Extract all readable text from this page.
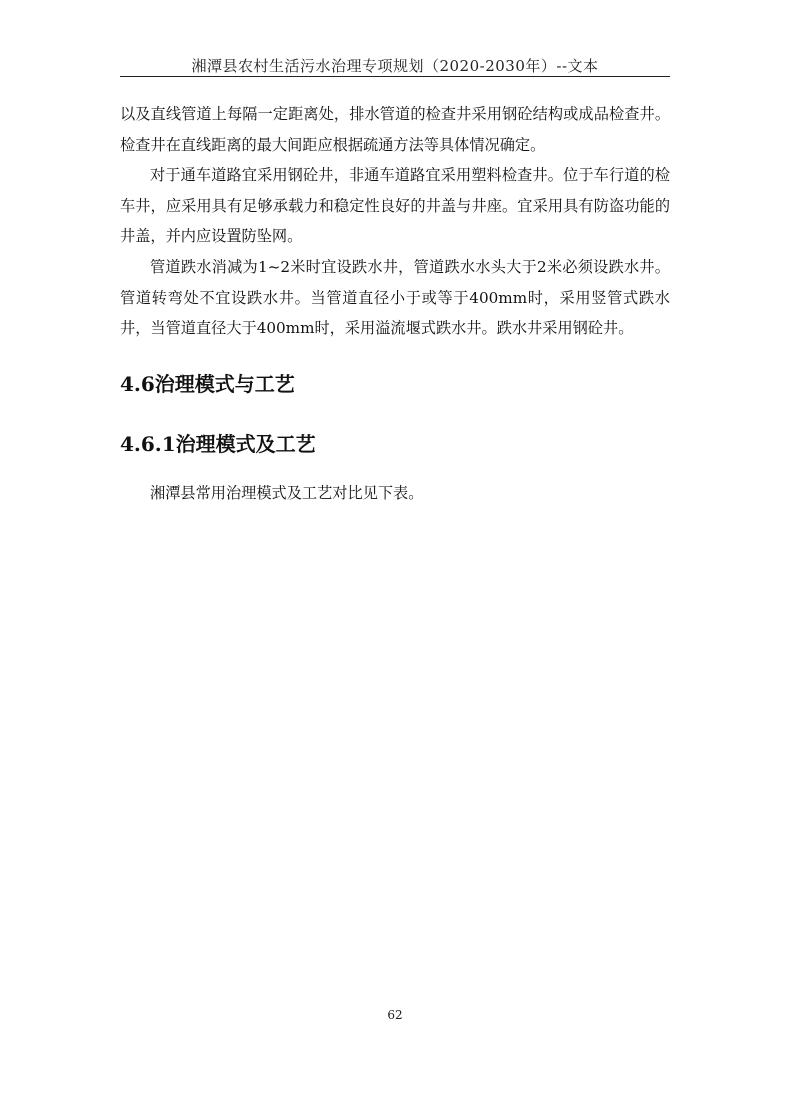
湘潭县农村生活污水治理专项规划（2020-2030年）--文本

以及直线管道上每隔一定距离处，排水管道的检查井采用钢砼结构或成品检查井。检查井在直线距离的最大间距应根据疏通方法等具体情况确定。

对于通车道路宜采用钢砼井，非通车道路宜采用塑料检查井。位于车行道的检车井，应采用具有足够承载力和稳定性良好的井盖与井座。宜采用具有防盗功能的井盖，并内应设置防坠网。

管道跌水消减为1~2米时宜设跌水井，管道跌水水头大于2米必须设跌水井。管道转弯处不宜设跌水井。当管道直径小于或等于400mm时，采用竖管式跌水井，当管道直径大于400mm时，采用溢流堰式跌水井。跌水井采用钢砼井。

4.6治理模式与工艺
4.6.1治理模式及工艺

湘潭县常用治理模式及工艺对比见下表。

62
